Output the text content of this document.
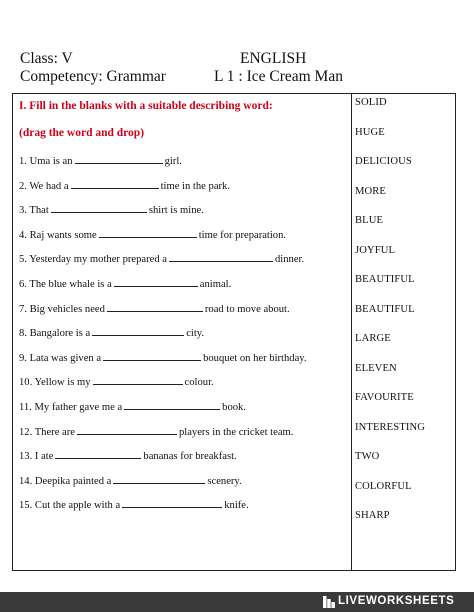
Class: V	ENGLISH
Competency: Grammar	L 1 : Ice Cream Man
I. Fill in the blanks with a suitable describing word:
(drag the word and drop)
1. Uma is an	girl.
2. We had a	time in the park.
3. That	shirt is mine.
4. Raj wants some	time for preparation.
5. Yesterday my mother prepared a	dinner.
6. The blue whale is a	animal.
7. Big vehicles need	road to move about.
8. Bangalore is a	city.
9. Lata was given a	bouquet on her birthday.
10. Yellow is my	colour.
11. My father gave me a	book.
12. There are	players in the cricket team.
13. I ate	bananas for breakfast.
14. Deepika painted a	scenery.
15. Cut the apple with a	knife.
SOLID
HUGE
DELICIOUS
MORE
BLUE
JOYFUL
BEAUTIFUL
BEAUTIFUL
LARGE
ELEVEN
FAVOURITE
INTERESTING
TWO
COLORFUL
SHARP
LIVEWORKSHEETS
